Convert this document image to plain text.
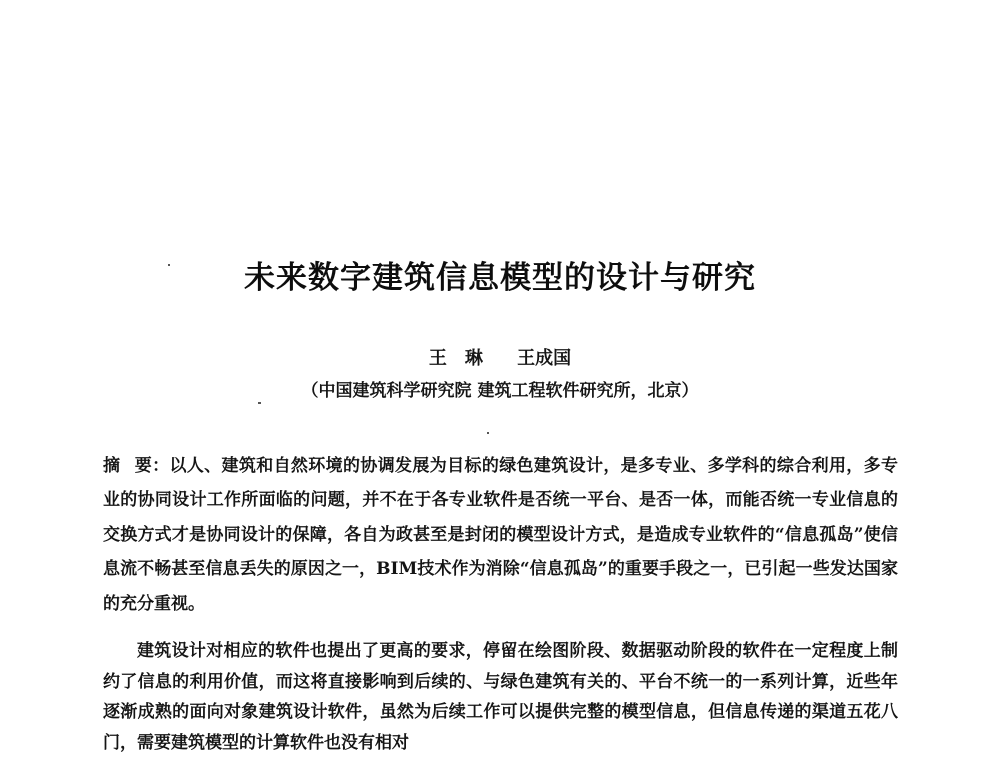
未来数字建筑信息模型的设计与研究
王　琳 王成国
（中国建筑科学研究院 建筑工程软件研究所，北京）

摘 要：以人、建筑和自然环境的协调发展为目标的绿色建筑设计，是多专业、多学科的综合利用，多专业的协同设计工作所面临的问题，并不在于各专业软件是否统一平台、是否一体，而能否统一专业信息的交换方式才是协同设计的保障，各自为政甚至是封闭的模型设计方式，是造成专业软件的“信息孤岛”使信息流不畅甚至信息丢失的原因之一，BIM技术作为消除“信息孤岛”的重要手段之一，已引起一些发达国家的充分重视。

建筑设计对相应的软件也提出了更高的要求，停留在绘图阶段、数据驱动阶段的软件在一定程度上制约了信息的利用价值，而这将直接影响到后续的、与绿色建筑有关的、平台不统一的一系列计算，近些年逐渐成熟的面向对象建筑设计软件，虽然为后续工作可以提供完整的模型信息，但信息传递的渠道五花八门，需要建筑模型的计算软件也没有相对
